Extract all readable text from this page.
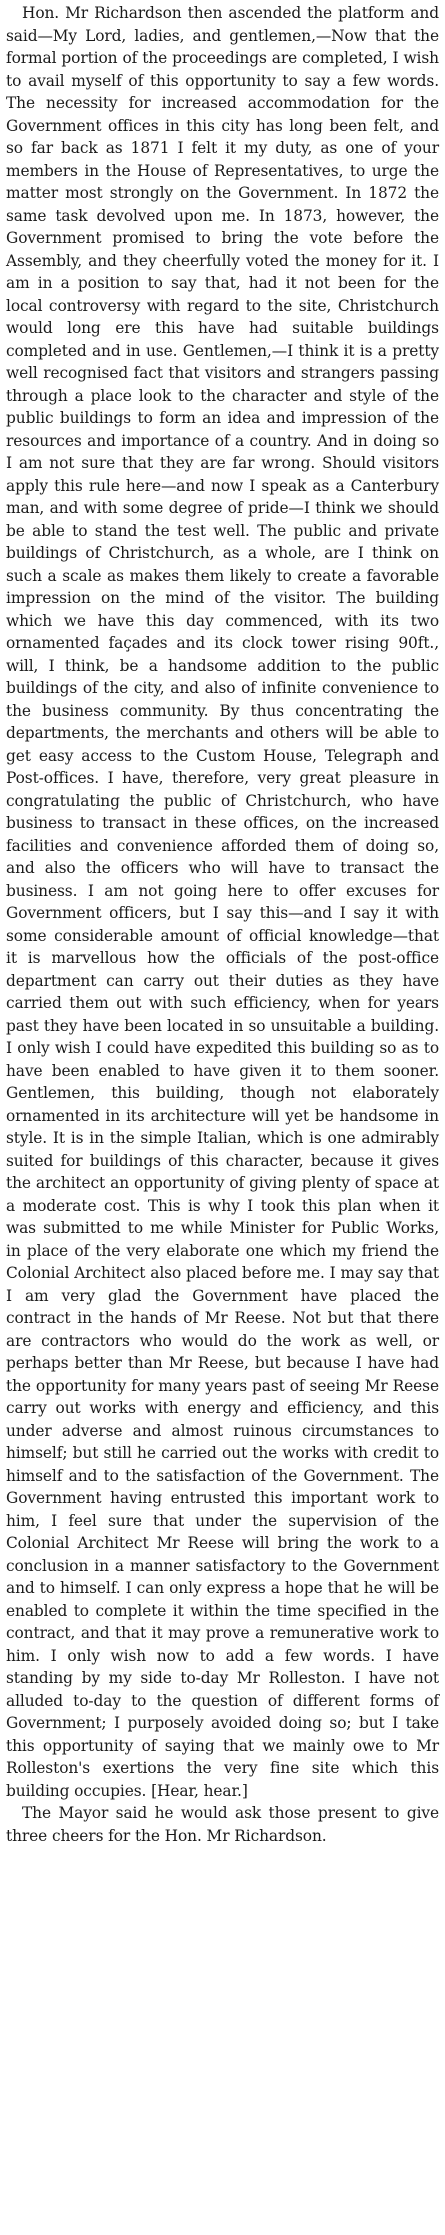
Hon. Mr Richardson then ascended the platform and said—My Lord, ladies, and gentlemen,—Now that the formal portion of the proceedings are completed, I wish to avail myself of this opportunity to say a few words. The necessity for increased accommodation for the Government offices in this city has long been felt, and so far back as 1871 I felt it my duty, as one of your members in the House of Representatives, to urge the matter most strongly on the Government. In 1872 the same task devolved upon me. In 1873, however, the Government promised to bring the vote before the Assembly, and they cheerfully voted the money for it. I am in a position to say that, had it not been for the local controversy with regard to the site, Christchurch would long ere this have had suitable buildings completed and in use. Gentlemen,—I think it is a pretty well recognised fact that visitors and strangers passing through a place look to the character and style of the public buildings to form an idea and impression of the resources and importance of a country. And in doing so I am not sure that they are far wrong. Should visitors apply this rule here—and now I speak as a Canterbury man, and with some degree of pride—I think we should be able to stand the test well. The public and private buildings of Christchurch, as a whole, are I think on such a scale as makes them likely to create a favorable impression on the mind of the visitor. The building which we have this day commenced, with its two ornamented façades and its clock tower rising 90ft., will, I think, be a handsome addition to the public buildings of the city, and also of infinite convenience to the business community. By thus concentrating the departments, the merchants and others will be able to get easy access to the Custom House, Telegraph and Post-offices. I have, therefore, very great pleasure in congratulating the public of Christchurch, who have business to transact in these offices, on the increased facilities and convenience afforded them of doing so, and also the officers who will have to transact the business. I am not going here to offer excuses for Government officers, but I say this—and I say it with some considerable amount of official knowledge—that it is marvellous how the officials of the post-office department can carry out their duties as they have carried them out with such efficiency, when for years past they have been located in so unsuitable a building. I only wish I could have expedited this building so as to have been enabled to have given it to them sooner. Gentlemen, this building, though not elaborately ornamented in its architecture will yet be handsome in style. It is in the simple Italian, which is one admirably suited for buildings of this character, because it gives the architect an opportunity of giving plenty of space at a moderate cost. This is why I took this plan when it was submitted to me while Minister for Public Works, in place of the very elaborate one which my friend the Colonial Architect also placed before me. I may say that I am very glad the Government have placed the contract in the hands of Mr Reese. Not but that there are contractors who would do the work as well, or perhaps better than Mr Reese, but because I have had the opportunity for many years past of seeing Mr Reese carry out works with energy and efficiency, and this under adverse and almost ruinous circumstances to himself; but still he carried out the works with credit to himself and to the satisfaction of the Government. The Government having entrusted this important work to him, I feel sure that under the supervision of the Colonial Architect Mr Reese will bring the work to a conclusion in a manner satisfactory to the Government and to himself. I can only express a hope that he will be enabled to complete it within the time specified in the contract, and that it may prove a remunerative work to him. I only wish now to add a few words. I have standing by my side to-day Mr Rolleston. I have not alluded to-day to the question of different forms of Government; I purposely avoided doing so; but I take this opportunity of saying that we mainly owe to Mr Rolleston's exertions the very fine site which this building occupies. [Hear, hear.]

The Mayor said he would ask those present to give three cheers for the Hon. Mr Richardson.
